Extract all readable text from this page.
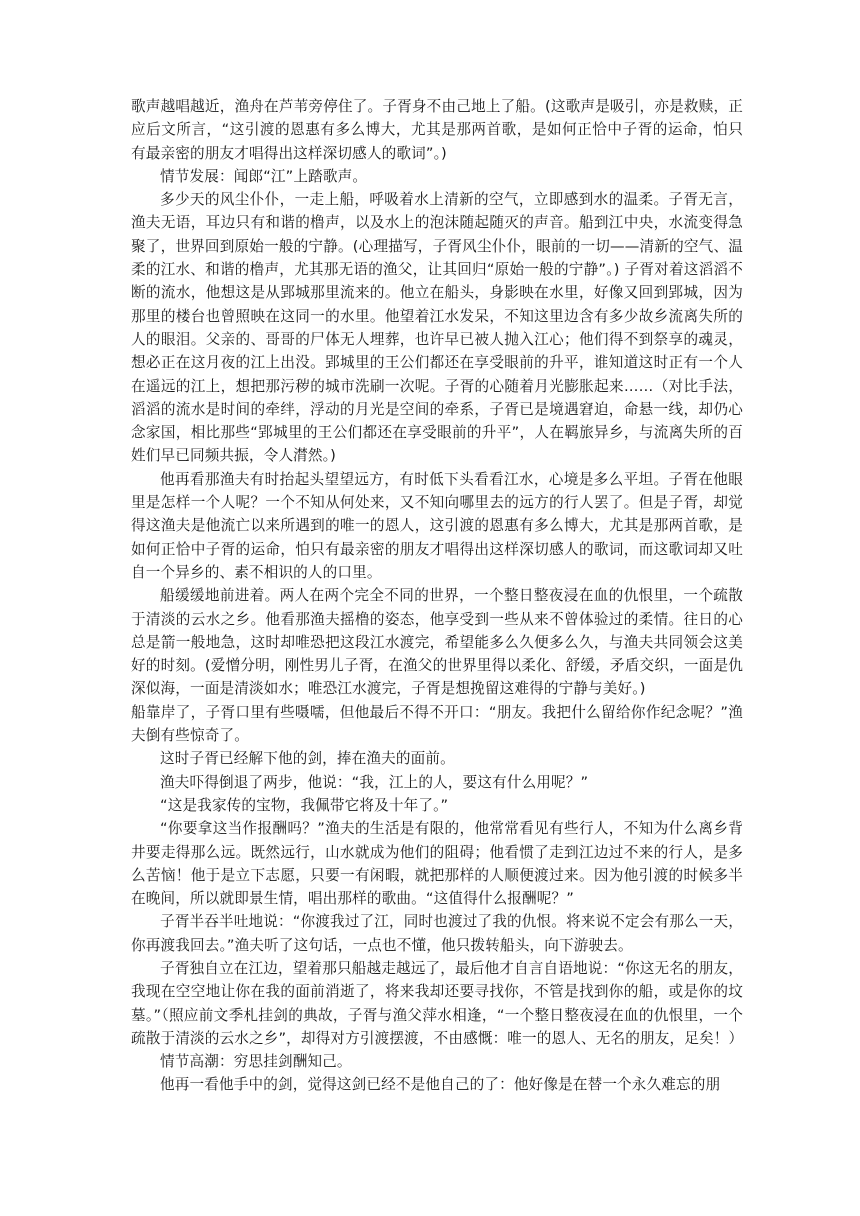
歌声越唱越近，渔舟在芦苇旁停住了。子胥身不由己地上了船。(这歌声是吸引，亦是救赎，正应后文所言，“这引渡的恩惠有多么博大，尤其是那两首歌，是如何正恰中子胥的运命，怕只有最亲密的朋友才唱得出这样深切感人的歌词”。)

情节发展：闻郎“江”上踏歌声。

多少天的风尘仆仆，一走上船，呼吸着水上清新的空气，立即感到水的温柔。子胥无言，渔夫无语，耳边只有和谐的橹声，以及水上的泡沫随起随灭的声音。船到江中央，水流变得急聚了，世界回到原始一般的宁静。(心理描写，子胥风尘仆仆，眼前的一切——清新的空气、温柔的江水、和谐的橹声，尤其那无语的渔父，让其回归“原始一般的宁静”。) 子胥对着这滔滔不断的流水，他想这是从郢城那里流来的。他立在船头，身影映在水里，好像又回到郢城，因为那里的楼台也曾照映在这同一的水里。他望着江水发呆，不知这里边含有多少故乡流离失所的人的眼泪。父亲的、哥哥的尸体无人埋葬，也许早已被人抛入江心；他们得不到祭享的魂灵，想必正在这月夜的江上出没。郢城里的王公们都还在享受眼前的升平，谁知道这时正有一个人在遥远的江上，想把那污秽的城市洗刷一次呢。子胥的心随着月光膨胀起来……（对比手法，滔滔的流水是时间的牵绊，浮动的月光是空间的牵系，子胥已是境遇窘迫，命悬一线，却仍心念家国，相比那些“郢城里的王公们都还在享受眼前的升平”，人在羁旅异乡，与流离失所的百姓们早已同频共振，令人潸然。)

他再看那渔夫有时抬起头望望远方，有时低下头看看江水，心境是多么平坦。子胥在他眼里是怎样一个人呢？一个不知从何处来，又不知向哪里去的远方的行人罢了。但是子胥，却觉得这渔夫是他流亡以来所遇到的唯一的恩人，这引渡的恩惠有多么博大，尤其是那两首歌，是如何正恰中子胥的运命，怕只有最亲密的朋友才唱得出这样深切感人的歌词，而这歌词却又吐自一个异乡的、素不相识的人的口里。

船缓缓地前进着。两人在两个完全不同的世界，一个整日整夜浸在血的仇恨里，一个疏散于清淡的云水之乡。他看那渔夫摇橹的姿态，他享受到一些从来不曾体验过的柔情。往日的心总是箭一般地急，这时却唯恐把这段江水渡完，希望能多么久便多么久，与渔夫共同领会这美好的时刻。(爱憎分明，刚性男儿子胥，在渔父的世界里得以柔化、舒缓，矛盾交织，一面是仇深似海，一面是清淡如水；唯恐江水渡完，子胥是想挽留这难得的宁静与美好。)

船靠岸了，子胥口里有些嗫嚅，但他最后不得不开口：“朋友。我把什么留给你作纪念呢？”渔夫倒有些惊奇了。

这时子胥已经解下他的剑，捧在渔夫的面前。

渔夫吓得倒退了两步，他说：“我，江上的人，要这有什么用呢？”

“这是我家传的宝物，我佩带它将及十年了。”

“你要拿这当作报酬吗？”渔夫的生活是有限的，他常常看见有些行人，不知为什么离乡背井要走得那么远。既然远行，山水就成为他们的阻碍；他看惯了走到江边过不来的行人，是多么苦恼！他于是立下志愿，只要一有闲暇，就把那样的人顺便渡过来。因为他引渡的时候多半在晚间，所以就即景生情，唱出那样的歌曲。“这值得什么报酬呢？”

子胥半吞半吐地说：“你渡我过了江，同时也渡过了我的仇恨。将来说不定会有那么一天，你再渡我回去。”渔夫听了这句话，一点也不懂，他只拨转船头，向下游驶去。

子胥独自立在江边，望着那只船越走越远了，最后他才自言自语地说：“你这无名的朋友，我现在空空地让你在我的面前消逝了，将来我却还要寻找你，不管是找到你的船，或是你的坟墓。”（照应前文季札挂剑的典故，子胥与渔父萍水相逢，“一个整日整夜浸在血的仇恨里，一个疏散于清淡的云水之乡”，却得对方引渡摆渡，不由感慨：唯一的恩人、无名的朋友，足矣！）

情节高潮：穷思挂剑酬知己。

他再一看他手中的剑，觉得这剑已经不是他自己的了：他好像是在替一个永久难忘的朋
